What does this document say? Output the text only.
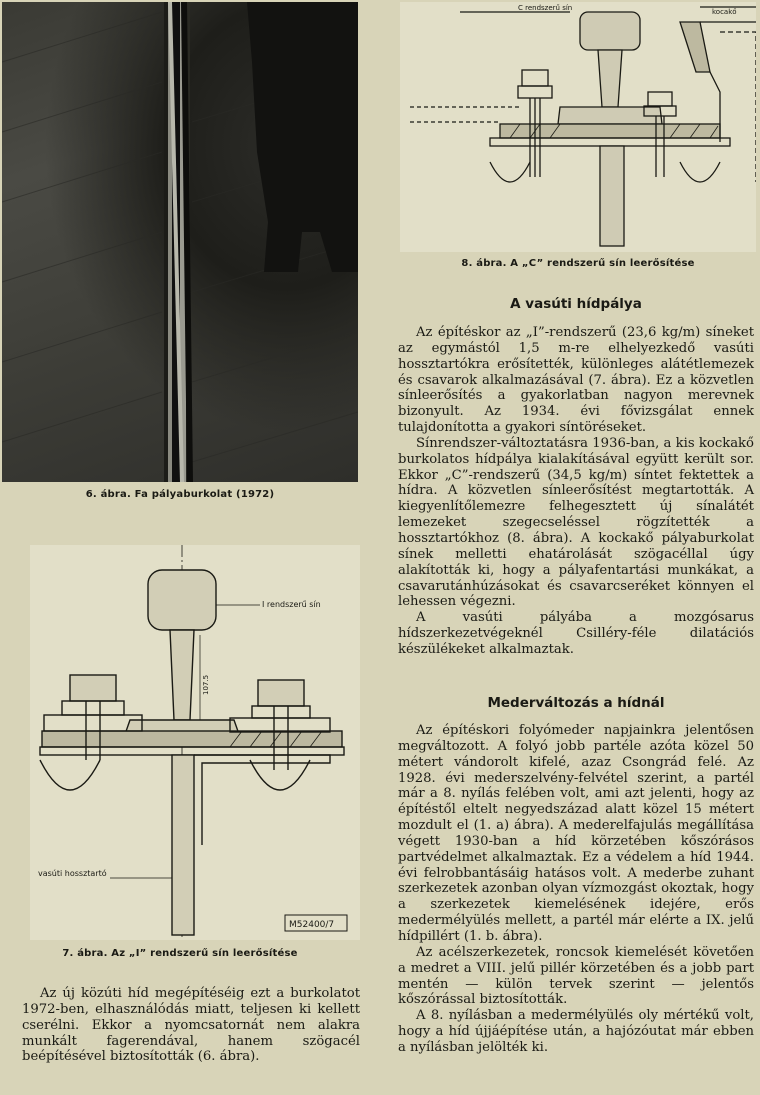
6. ábra. Fa pályaburkolat (1972)
C rendszerű sín	kocakő
8. ábra. A „C” rendszerű sín leerősítése
I rendszerű sín
107.5
vasúti hossztartó
M52400/7
7. ábra. Az „I” rendszerű sín leerősítése

Az új közúti híd megépítéséig ezt a burkolatot 1972-ben, elhasználódás miatt, teljesen ki kellett cserélni. Ekkor a nyomcsatornát nem alakra munkált fagerendával, hanem szögacél beépítésével biztosították (6. ábra).

A vasúti hídpálya

Az építéskor az „I”-rendszerű (23,6 kg/m) síneket az egymástól 1,5 m-re elhelyezkedő vasúti hossztartókra erősítették, különleges alátétlemezek és csavarok alkalmazásával (7. ábra). Ez a közvetlen sínleerősítés a gyakorlatban nagyon merevnek bizonyult. Az 1934. évi fővizsgálat ennek tulajdonította a gyakori síntöréseket.

Sínrendszer-változtatásra 1936-ban, a kis kockakő burkolatos hídpálya kialakításával együtt került sor. Ekkor „C”-rendszerű (34,5 kg/m) síntet fektettek a hídra. A közvetlen sínleerősítést megtartották. A kiegyenlítőlemezre felhegesztett új sínalátét lemezeket szegecseléssel rögzítették a hossztartókhoz (8. ábra). A kockakő pályaburkolat sínek melletti ehatárolását szögacéllal úgy alakították ki, hogy a pályafentartási munkákat, a csavarutánhúzásokat és csavarcseréket könnyen el lehessen végezni.

A vasúti pályába a mozgósarus hídszerkezetvégeknél Csilléry-féle dilatációs készülékeket alkalmaztak.

Mederváltozás a hídnál

Az építéskori folyómeder napjainkra jelentősen megváltozott. A folyó jobb partéle azóta közel 50 métert vándorolt kifelé, azaz Csongrád felé. Az 1928. évi mederszelvény-felvétel szerint, a partél már a 8. nyílás felében volt, ami azt jelenti, hogy az építéstől eltelt negyedszázad alatt közel 15 métert mozdult el (1. a) ábra). A mederelfajulás megállítása végett 1930-ban a híd körzetében kőszórásos partvédelmet alkalmaztak. Ez a védelem a híd 1944. évi felrobbantásáig hatásos volt. A mederbe zuhant szerkezetek azonban olyan vízmozgást okoztak, hogy a szerkezetek kiemelésének idejére, erős medermélyülés mellett, a partél már elérte a IX. jelű hídpillért (1. b. ábra).

Az acélszerkezetek, roncsok kiemelését követően a medret a VIII. jelű pillér körzetében és a jobb part mentén — külön tervek szerint — jelentős kőszórással biztosították.

A 8. nyílásban a medermélyülés oly mértékű volt, hogy a híd újjáépítése után, a hajózóutat már ebben a nyílásban jelölték ki.
